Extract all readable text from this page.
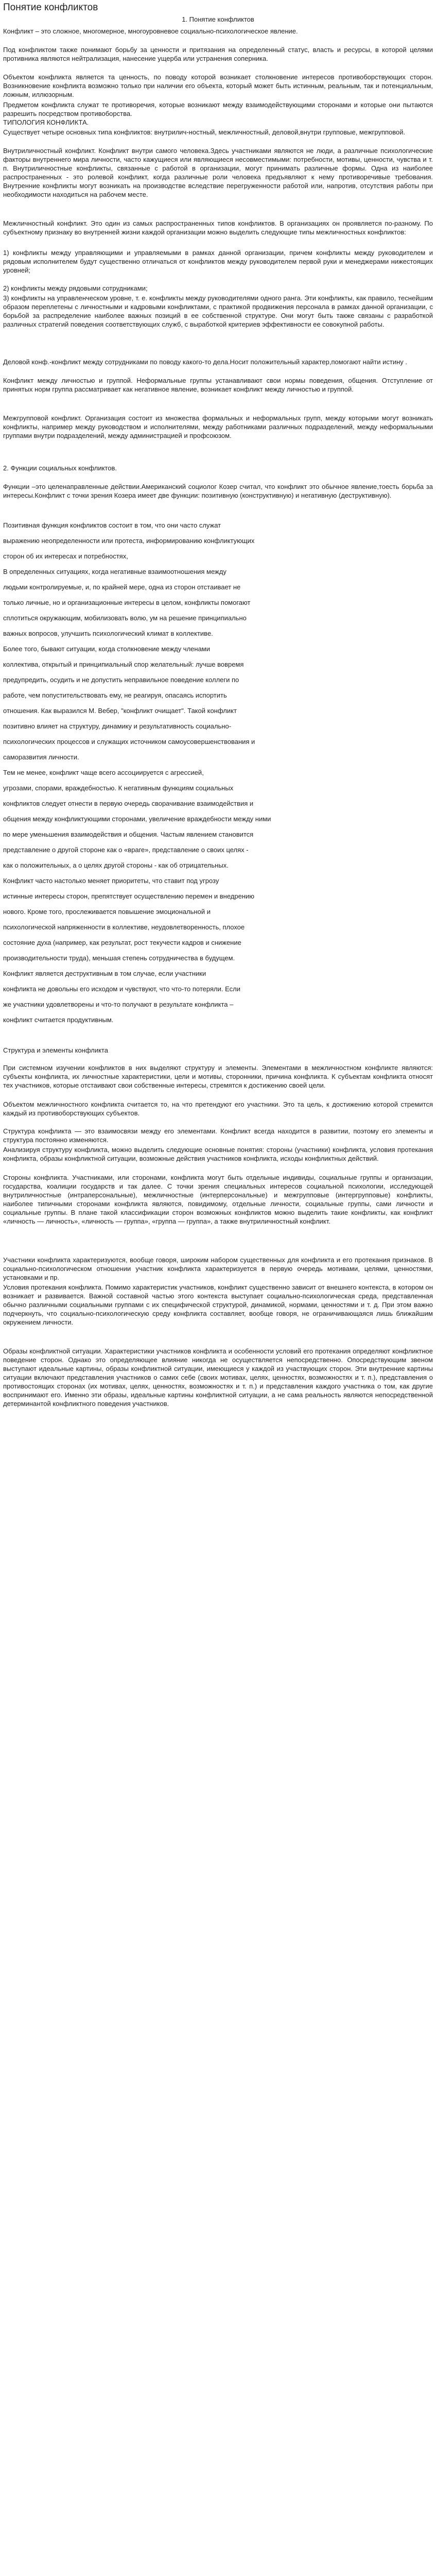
Понятие конфликтов
1. Понятие конфликтов
Конфликт – это сложное, многомерное, многоуровневое социально-психологическое явление.
Под конфликтом также понимают борьбу за ценности и притязания на определенный статус, власть и ресурсы, в которой целями противника являются нейтрализация, нанесение ущерба или устранения соперника.
Объектом конфликта является та ценность, по поводу которой возникает столкновение интересов противоборствующих сторон. Возникновение конфликта возможно только при наличии его объекта, который может быть истинным, реальным, так и потенциальным, ложным, иллюзорным.
Предметом конфликта служат те противоречия, которые возникают между взаимодействующими сторонами и которые они пытаются разрешить посредством противоборства.
ТИПОЛОГИЯ КОНФЛИКТА.
Существует четыре основных типа конфликтов: внутрилич-ностный, межличностный, деловой,внутри групповые, межгрупповой.
Внутриличностный конфликт. Конфликт внутри самого человека.Здесь участниками являются не люди, а различные психологические факторы внутреннего мира личности, часто кажущиеся или являющиеся несовместимыми: потребности, мотивы, ценности, чувства и т. п. Внутриличностные конфликты, связанные с работой в организации, могут принимать различные формы. Одна из наиболее распространенных - это ролевой конфликт, когда различные роли человека предъявляют к нему противоречивые требования. Внутренние конфликты могут возникать на производстве вследствие перегруженности работой или, напротив, отсутствия работы при необходимости находиться на рабочем месте.
Межличностный конфликт. Это один из самых распространенных типов конфликтов. В организациях он проявляется по-разному. По субъектному признаку во внутренней жизни каждой организации можно выделить следующие типы межличностных конфликтов:
1) конфликты между управляющими и управляемыми в рамках данной организации, причем конфликты между руководителем и рядовым исполнителем будут существенно отличаться от конфликтов между руководителем первой руки и менеджерами нижестоящих уровней;
2) конфликты между рядовыми сотрудниками;
3) конфликты на управленческом уровне, т. е. конфликты между руководителями одного ранга. Эти конфликты, как правило, теснейшим образом переплетены с личностными и кадровыми конфликтами, с практикой продвижения персонала в рамках данной организации, с борьбой за распределение наиболее важных позиций в ее собственной структуре. Они могут быть также связаны с разработкой различных стратегий поведения соответствующих служб, с выработкой критериев эффективности ее совокупной работы.
Деловой конф.-конфликт между сотрудниками по поводу какого-то дела.Носит положительный характер,помогают найти истину .
Конфликт между личностью и группой. Неформальные группы устанавливают свои нормы поведения, общения. Отступление от принятых норм группа рассматривает как негативное явление, возникает конфликт между личностью и группой.
Межгрупповой конфликт. Организация состоит из множества формальных и неформальных групп, между которыми могут возникать конфликты, например между руководством и исполнителями, между работниками различных подразделений, между неформальными группами внутри подразделений, между администрацией и профсоюзом.
2. Функции социальных конфликтов.
Функции –это целенаправленные действии.Американский социолог Козер считал, что конфликт это обычное явление,тоесть борьба за интересы.Конфликт с точки зрения Козера имеет две функции: позитивную (конструктивную) и негативную (деструктивную).
Позитивная функция конфликтов состоит в том, что они часто служат
выражению неопределенности или протеста, информированию конфликтующих
сторон об их интересах и потребностях,
В определенных ситуациях, когда негативные взаимоотношения между
людьми контролируемые, и, по крайней мере, одна из сторон отстаивает не
только личные, но и организационные интересы в целом, конфликты помогают
сплотиться окружающим, мобилизовать волю, ум на решение принципиально
важных вопросов, улучшить психологический климат в коллективе.
Более того, бывают ситуации, когда столкновение между членами
коллектива, открытый и принципиальный спор желательный: лучше вовремя
предупредить, осудить и не допустить неправильное поведение коллеги по
работе, чем попустительствовать ему, не реагируя, опасаясь испортить
отношения. Как выразился М. Вебер, "конфликт очищает". Такой конфликт
позитивно влияет на структуру, динамику и результативность социально-
психологических процессов и служащих источником самоусовершенствования и
саморазвития личности.
Тем не менее, конфликт чаще всего ассоциируется с агрессией,
угрозами, спорами, враждебностью. К негативным функциям социальных
конфликтов следует отнести в первую очередь сворачивание взаимодействия и
общения между конфликтующими сторонами, увеличение враждебности между ними
по мере уменьшения взаимодействия и общения. Частым явлением становится
представление о другой стороне как о «враге», представление о своих целях -
как о положительных, а о целях другой стороны - как об отрицательных.
Конфликт часто настолько меняет приоритеты, что ставит под угрозу
истинные интересы сторон, препятствует осуществлению перемен и внедрению
нового. Кроме того, прослеживается повышение эмоциональной и
психологической напряженности в коллективе, неудовлетворенность, плохое
состояние духа (например, как результат, рост текучести кадров и снижение
производительности труда), меньшая степень сотрудничества в будущем.
Конфликт является деструктивным в том случае, если участники
конфликта не довольны его исходом и чувствуют, что что-то потеряли. Если
же участники удовлетворены и что-то получают в результате конфликта –
конфликт считается продуктивным.
Структура и элементы конфликта
При системном изучении конфликтов в них выделяют структуру и элементы. Элементами в межличностном конфликте являются: субъекты конфликта, их личностные характеристики, цели и мотивы, сторонники, причина конфликта. К субъектам конфликта относят тех участников, которые отстаивают свои собственные интересы, стремятся к достижению своей цели.
Объектом межличностного конфликта считается то, на что претендуют его участники. Это та цель, к достижению которой стремится каждый из противоборствующих субъектов.
Структура конфликта — это взаимосвязи между его элементами. Конфликт всегда находится в развитии, поэтому его элементы и структура постоянно изменяются.
Анализируя структуру конфликта, можно выделить следующие основные понятия: стороны (участники) конфликта, условия протекания конфликта, образы конфликтной ситуации, возможные действия участников конфликта, исходы конфликтных действий.
Стороны конфликта. Участниками, или сторонами, конфликта могут быть отдельные индивиды, социальные группы и организации, государства, коалиции государств и так далее. С точки зрения специальных интересов социальной психологии, исследующей внутриличностные (интраперсональные), межличностные (интерперсональные) и межгрупповые (интергрупповые) конфликты, наиболее типичными сторонами конфликта являются, повидимому, отдельные личности, социальные группы, сами личности и социальные группы. В плане такой классификации сторон возможных конфликтов можно выделить такие конфликты, как конфликт «личность — личность», «личность — группа», «группа — группа», а также внутриличностный конфликт.
Участники конфликта характеризуются, вообще говоря, широким набором существенных для конфликта и его протекания признаков. В социально-психологическом отношении участник конфликта характеризуется в первую очередь мотивами, целями, ценностями, установками и пр.
Условия протекания конфликта. Помимо характеристик участников, конфликт существенно зависит от внешнего контекста, в котором он возникает и развивается. Важной составной частью этого контекста выступает социально-психологическая среда, представленная обычно различными социальными группами с их специфической структурой, динамикой, нормами, ценностями и т. д. При этом важно подчеркнуть, что социально-психологическую среду конфликта составляет, вообще говоря, не ограничивающаяся лишь ближайшим окружением личности.
Образы конфликтной ситуации. Характеристики участников конфликта и особенности условий его протекания определяют конфликтное поведение сторон. Однако это определяющее влияние никогда не осуществляется непосредственно. Опосредствующим звеном выступают идеальные картины, образы конфликтной ситуации, имеющиеся у каждой из участвующих сторон. Эти внутренние картины ситуации включают представления участников о самих себе (своих мотивах, целях, ценностях, возможностях и т. п.), представления о противостоящих сторонах (их мотивах, целях, ценностях, возможностях и т. п.) и представления каждого участника о том, как другие воспринимают его. Именно эти образы, идеальные картины конфликтной ситуации, а не сама реальность являются непосредственной детерминантой конфликтного поведения участников.
